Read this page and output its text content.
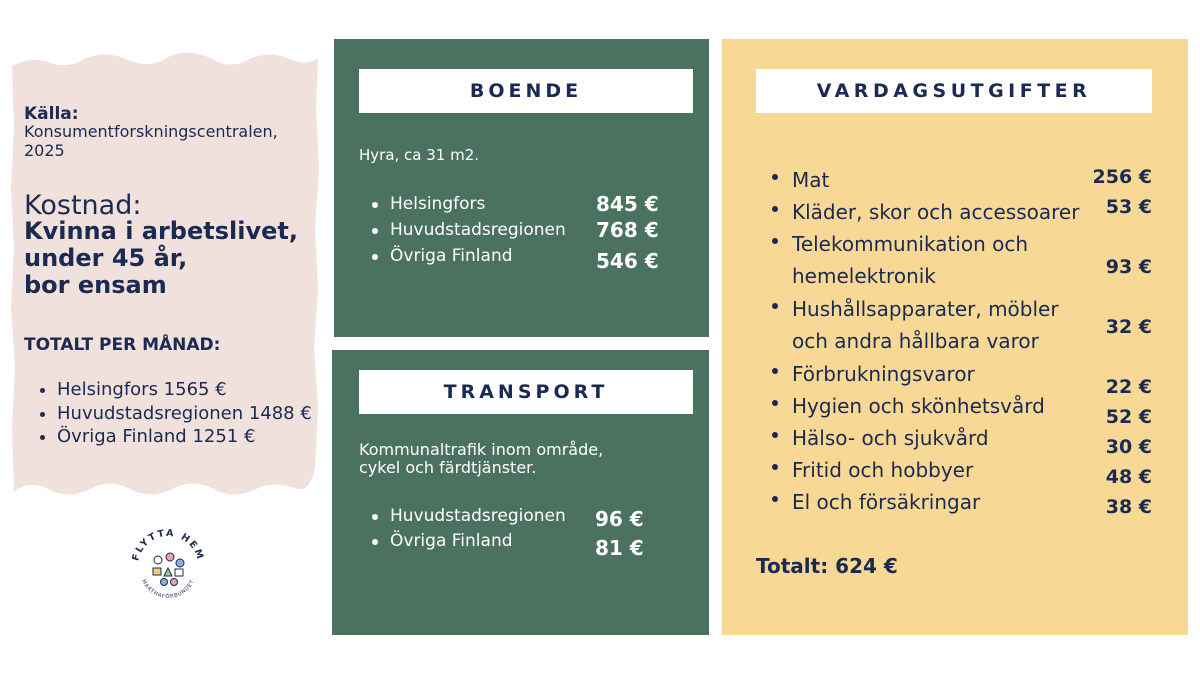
Källa:
Konsumentforskningscentralen, 2025
Kostnad:
Kvinna i arbetslivet,
under 45 år,
bor ensam
TOTALT PER MÅNAD:
• Helsingfors 1565 €
• Huvudstadsregionen 1488 €
• Övriga Finland 1251 €
FLYTTA HEM
MARTHAFÖRBUNDET
BOENDE
Hyra, ca 31 m2.
Helsingfors	845 €
Huvudstadsregionen 768 €
Övriga Finland	546 €
TRANSPORT
Kommunaltrafik inom område,
cykel och färdtjänster.
Huvudstadsregionen 96 €
Övriga Finland	81 €
VARDAGSUTGIFTER
Mat	256 €
Kläder, skor och accessoarer	53 €
Telekommunikation och
hemelektronik	93 €
Hushållsapparater, möbler
och andra hållbara varor
32 €
Förbrukningsvaror
22 €
Hygien och skönhetsvård	52 €
Hälso- och sjukvård	30 €
Fritid och hobbyer	48 €
El och försäkringar	38 €
Totalt: 624 €
